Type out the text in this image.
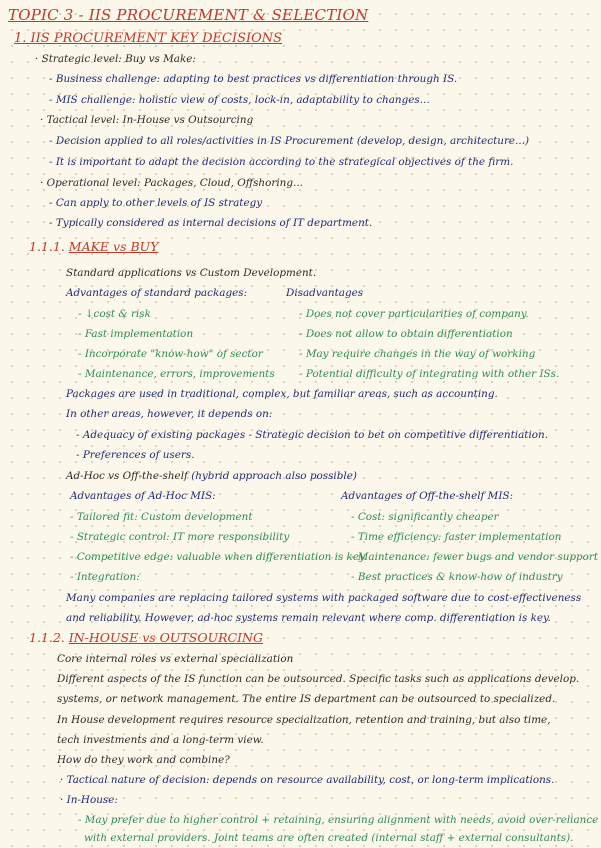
TOPIC 3 - IIS PROCUREMENT & SELECTION
1. IIS PROCUREMENT KEY DECISIONS
· Strategic level: Buy vs Make:
- Business challenge: adapting to best practices vs differentiation through IS.
- MIS challenge: holistic view of costs, lock-in, adaptability to changes...
· Tactical level: In-House vs Outsourcing
- Decision applied to all roles/activities in IS Procurement (develop, design, architecture...)
- It is important to adapt the decision according to the strategical objectives of the firm.
· Operational level: Packages, Cloud, Offshoring...
- Can apply to other levels of IS strategy
- Typically considered as internal decisions of IT department.
1.1.1. MAKE vs BUY
Standard applications vs Custom Development.
Advantages of standard packages:	Disadvantages
- ↓cost & risk
- Fast implementation
- Incorporate "know-how" of sector
- Maintenance, errors, improvements
- Does not cover particularities of company.
- Does not allow to obtain differentiation
- May require changes in the way of working
- Potential difficulty of integrating with other ISs.
Packages are used in traditional, complex, but familiar areas, such as accounting.
In other areas, however, it depends on:
- Adequacy of existing packages - Strategic decision to bet on competitive differentiation.
- Preferences of users.
Ad-Hoc vs Off-the-shelf (hybrid approach also possible)
Advantages of Ad-Hoc MIS:	Advantages of Off-the-shelf MIS:
- Tailored fit: Custom development
- Strategic control: IT more responsibility
- Competitive edge: valuable when differentiation is key
- Integration:
- Cost: significantly cheaper
- Time efficiency: faster implementation
- Maintenance: fewer bugs and vendor support
- Best practices & know-how of industry
Many companies are replacing tailored systems with packaged software due to cost-effectiveness
and reliability. However, ad-hoc systems remain relevant where comp. differentiation is key.
1.1.2. IN-HOUSE vs OUTSOURCING
Core internal roles vs external specialization
Different aspects of the IS function can be outsourced. Specific tasks such as applications develop.
systems, or network management. The entire IS department can be outsourced to specialized.
In House development requires resource specialization, retention and training, but also time,
tech investments and a long-term view.
How do they work and combine?
· Tactical nature of decision: depends on resource availability, cost, or long-term implications.
· In-House:
- May prefer due to higher control + retaining, ensuring alignment with needs, avoid over-reliance
with external providers. Joint teams are often created (internal staff + external consultants).
